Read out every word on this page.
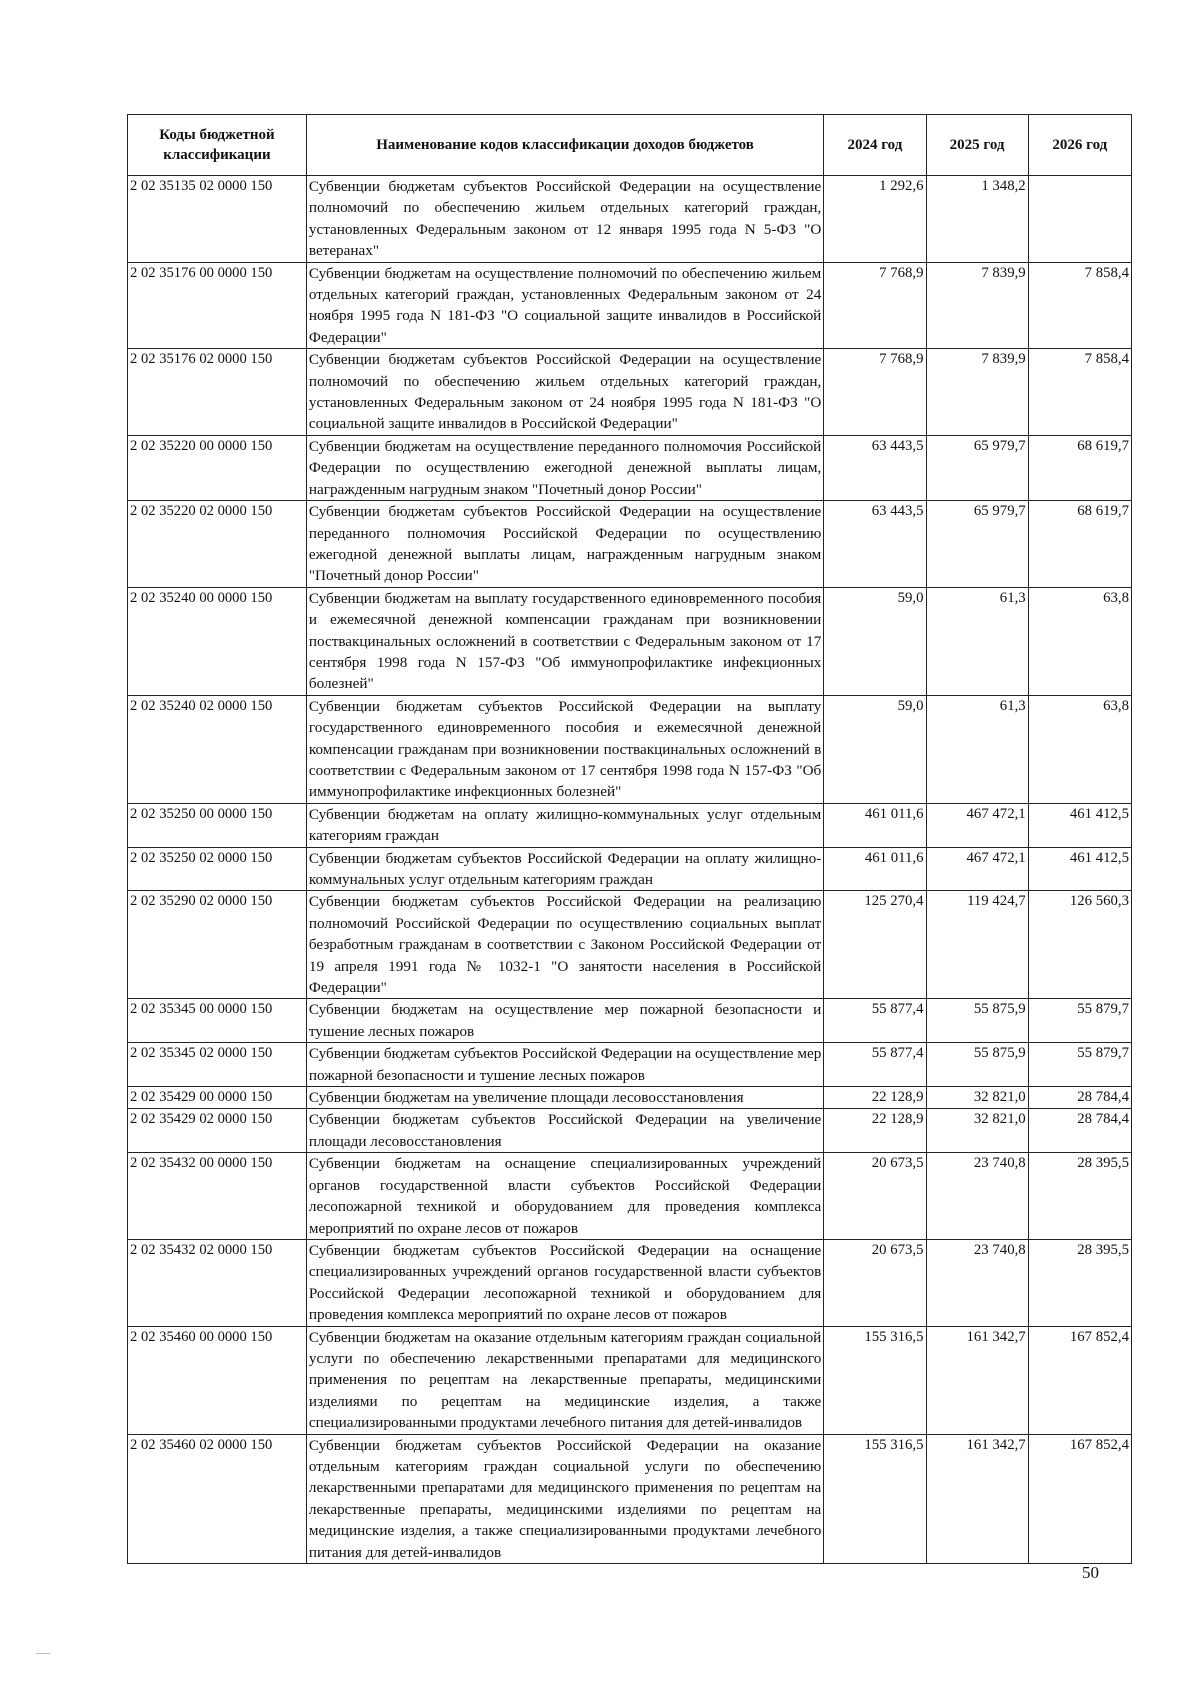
Коды бюджетной классификации	Наименование кодов классификации доходов бюджетов	2024 год	2025 год	2026 год
2 02 35135 02 0000 150	Субвенции бюджетам субъектов Российской Федерации на осуществление полномочий по обеспечению жильем отдельных категорий граждан, установленных Федеральным законом от 12 января 1995 года N 5-ФЗ "О ветеранах"	1 292,6	1 348,2	
2 02 35176 00 0000 150	Субвенции бюджетам на осуществление полномочий по обеспечению жильем отдельных категорий граждан, установленных Федеральным законом от 24 ноября 1995 года N 181-ФЗ "О социальной защите инвалидов в Российской Федерации"	7 768,9	7 839,9	7 858,4
2 02 35176 02 0000 150	Субвенции бюджетам субъектов Российской Федерации на осуществление полномочий по обеспечению жильем отдельных категорий граждан, установленных Федеральным законом от 24 ноября 1995 года N 181-ФЗ "О социальной защите инвалидов в Российской Федерации"	7 768,9	7 839,9	7 858,4
2 02 35220 00 0000 150	Субвенции бюджетам на осуществление переданного полномочия Российской Федерации по осуществлению ежегодной денежной выплаты лицам, награжденным нагрудным знаком "Почетный донор России"	63 443,5	65 979,7	68 619,7
2 02 35220 02 0000 150	Субвенции бюджетам субъектов Российской Федерации на осуществление переданного полномочия Российской Федерации по осуществлению ежегодной денежной выплаты лицам, награжденным нагрудным знаком "Почетный донор России"	63 443,5	65 979,7	68 619,7
2 02 35240 00 0000 150	Субвенции бюджетам на выплату государственного единовременного пособия и ежемесячной денежной компенсации гражданам при возникновении поствакцинальных осложнений в соответствии с Федеральным законом от 17 сентября 1998 года N 157-ФЗ "Об иммунопрофилактике инфекционных болезней"	59,0	61,3	63,8
2 02 35240 02 0000 150	Субвенции бюджетам субъектов Российской Федерации на выплату государственного единовременного пособия и ежемесячной денежной компенсации гражданам при возникновении поствакцинальных осложнений в соответствии с Федеральным законом от 17 сентября 1998 года N 157-ФЗ "Об иммунопрофилактике инфекционных болезней"	59,0	61,3	63,8
2 02 35250 00 0000 150	Субвенции бюджетам на оплату жилищно-коммунальных услуг отдельным категориям граждан	461 011,6	467 472,1	461 412,5
2 02 35250 02 0000 150	Субвенции бюджетам субъектов Российской Федерации на оплату жилищно-коммунальных услуг отдельным категориям граждан	461 011,6	467 472,1	461 412,5
2 02 35290 02 0000 150	Субвенции бюджетам субъектов Российской Федерации на реализацию полномочий Российской Федерации по осуществлению социальных выплат безработным гражданам в соответствии с Законом Российской Федерации от 19 апреля 1991 года № 1032-1 "О занятости населения в Российской Федерации"	125 270,4	119 424,7	126 560,3
2 02 35345 00 0000 150	Субвенции бюджетам на осуществление мер пожарной безопасности и тушение лесных пожаров	55 877,4	55 875,9	55 879,7
2 02 35345 02 0000 150	Субвенции бюджетам субъектов Российской Федерации на осуществление мер пожарной безопасности и тушение лесных пожаров	55 877,4	55 875,9	55 879,7
2 02 35429 00 0000 150	Субвенции бюджетам на увеличение площади лесовосстановления	22 128,9	32 821,0	28 784,4
2 02 35429 02 0000 150	Субвенции бюджетам субъектов Российской Федерации на увеличение площади лесовосстановления	22 128,9	32 821,0	28 784,4
2 02 35432 00 0000 150	Субвенции бюджетам на оснащение специализированных учреждений органов государственной власти субъектов Российской Федерации лесопожарной техникой и оборудованием для проведения комплекса мероприятий по охране лесов от пожаров	20 673,5	23 740,8	28 395,5
2 02 35432 02 0000 150	Субвенции бюджетам субъектов Российской Федерации на оснащение специализированных учреждений органов государственной власти субъектов Российской Федерации лесопожарной техникой и оборудованием для проведения комплекса мероприятий по охране лесов от пожаров	20 673,5	23 740,8	28 395,5
2 02 35460 00 0000 150	Субвенции бюджетам на оказание отдельным категориям граждан социальной услуги по обеспечению лекарственными препаратами для медицинского применения по рецептам на лекарственные препараты, медицинскими изделиями по рецептам на медицинские изделия, а также специализированными продуктами лечебного питания для детей-инвалидов	155 316,5	161 342,7	167 852,4
2 02 35460 02 0000 150	Субвенции бюджетам субъектов Российской Федерации на оказание отдельным категориям граждан социальной услуги по обеспечению лекарственными препаратами для медицинского применения по рецептам на лекарственные препараты, медицинскими изделиями по рецептам на медицинские изделия, а также специализированными продуктами лечебного питания для детей-инвалидов	155 316,5	161 342,7	167 852,4
50
